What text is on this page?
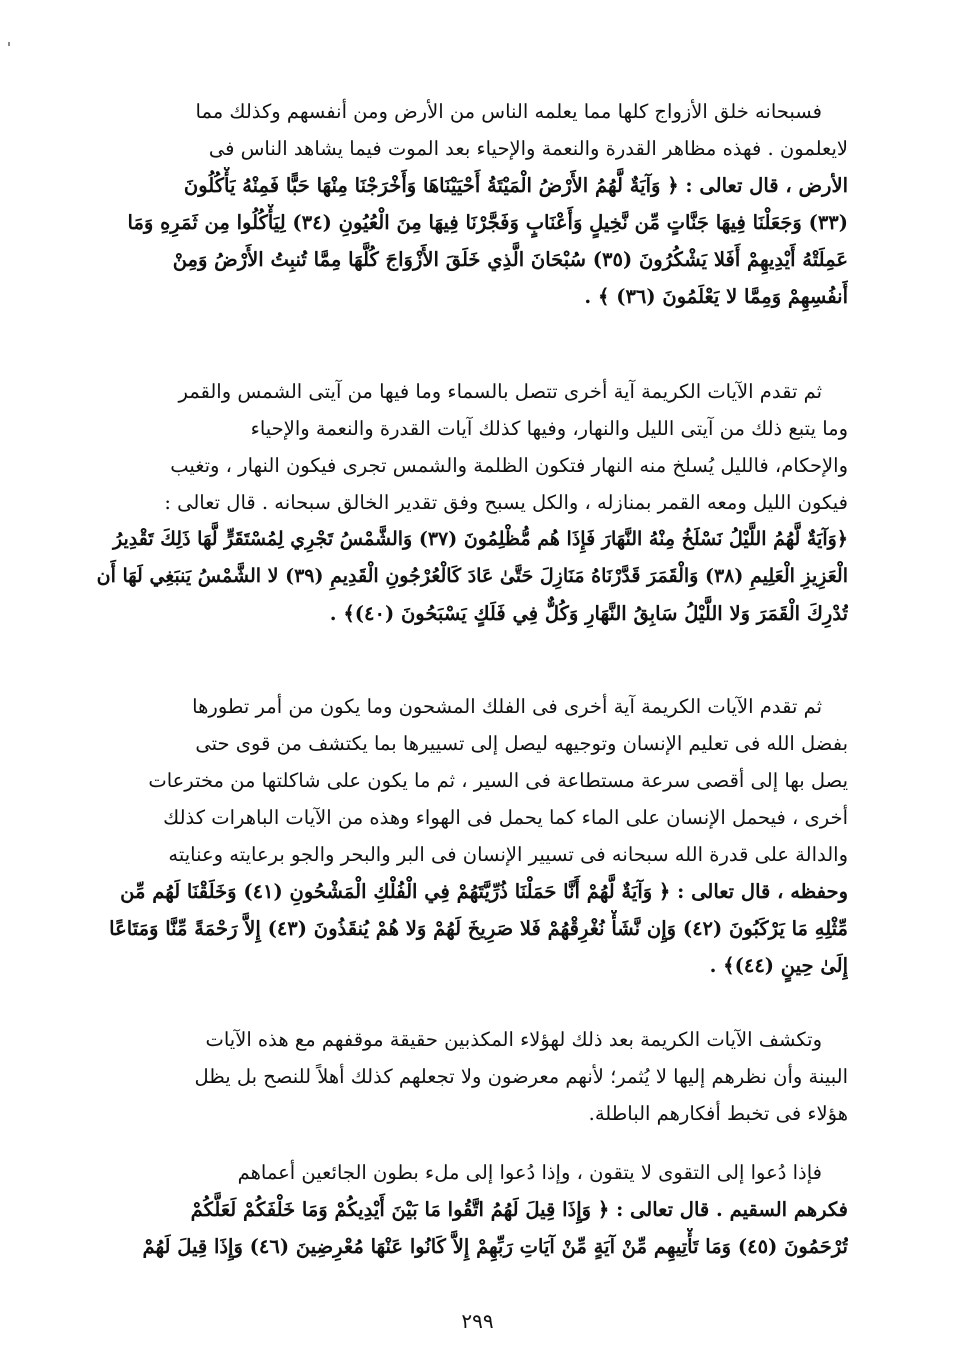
فسبحانه خلق الأزواج كلها مما يعلمه الناس من الأرض ومن أنفسهم وكذلك مما
لايعلمون . فهذه مظاهر القدرة والنعمة والإحياء بعد الموت فيما يشاهد الناس فى
الأرض ، قال تعالى : ﴿ وَآيَةٌ لَّهُمُ الأَرْضُ الْمَيْتَةُ أَحْيَيْنَاهَا وَأَخْرَجْنَا مِنْهَا حَبًّا فَمِنْهُ يَأْكُلُونَ
(٣٣) وَجَعَلْنَا فِيهَا جَنَّاتٍ مِّن نَّخِيلٍ وَأَعْنَابٍ وَفَجَّرْنَا فِيهَا مِنَ الْعُيُونِ (٣٤) لِيَأْكُلُوا مِن ثَمَرِهِ وَمَا
عَمِلَتْهُ أَيْدِيهِمْ أَفَلا يَشْكُرُونَ (٣٥) سُبْحَانَ الَّذِي خَلَقَ الأَزْوَاجَ كُلَّهَا مِمَّا تُنبِتُ الأَرْضُ وَمِنْ
أَنفُسِهِمْ وَمِمَّا لا يَعْلَمُونَ (٣٦) ﴾ .
ثم تقدم الآيات الكريمة آية أخرى تتصل بالسماء وما فيها من آيتى الشمس والقمر
وما يتبع ذلك من آيتى الليل والنهار، وفيها كذلك آيات القدرة والنعمة والإحياء
والإحكام، فالليل يُسلخ منه النهار فتكون الظلمة والشمس تجرى فيكون النهار ، وتغيب
فيكون الليل ومعه القمر بمنازله ، والكل يسبح وفق تقدير الخالق سبحانه . قال تعالى :
﴿وَآيَةٌ لَّهُمُ اللَّيْلُ نَسْلَخُ مِنْهُ النَّهَارَ فَإِذَا هُم مُّظْلِمُونَ (٣٧) وَالشَّمْسُ تَجْرِي لِمُسْتَقَرٍّ لَّهَا ذَلِكَ تَقْدِيرُ
الْعَزِيزِ الْعَلِيمِ (٣٨) وَالْقَمَرَ قَدَّرْنَاهُ مَنَازِلَ حَتَّىٰ عَادَ كَالْعُرْجُونِ الْقَدِيمِ (٣٩) لا الشَّمْسُ يَنبَغِي لَهَا أَن
تُدْرِكَ الْقَمَرَ وَلا اللَّيْلُ سَابِقُ النَّهَارِ وَكُلٌّ فِي فَلَكٍ يَسْبَحُونَ (٤٠)﴾ .
ثم تقدم الآيات الكريمة آية أخرى فى الفلك المشحون وما يكون من أمر تطورها
بفضل الله فى تعليم الإنسان وتوجيهه ليصل إلى تسييرها بما يكتشف من قوى حتى
يصل بها إلى أقصى سرعة مستطاعة فى السير ، ثم ما يكون على شاكلتها من مخترعات
أخرى ، فيحمل الإنسان على الماء كما يحمل فى الهواء وهذه من الآيات الباهرات كذلك
والدالة على قدرة الله سبحانه فى تسيير الإنسان فى البر والبحر والجو برعايته وعنايته
وحفظه ، قال تعالى : ﴿ وَآيَةٌ لَّهُمْ أَنَّا حَمَلْنَا ذُرِّيَّتَهُمْ فِي الْفُلْكِ الْمَشْحُونِ (٤١) وَخَلَقْنَا لَهُم مِّن
مِّثْلِهِ مَا يَرْكَبُونَ (٤٢) وَإِن نَّشَأْ نُغْرِقْهُمْ فَلا صَرِيخَ لَهُمْ وَلا هُمْ يُنقَذُونَ (٤٣) إِلاَّ رَحْمَةً مِّنَّا وَمَتَاعًا
إِلَىٰ حِينٍ (٤٤)﴾ .
وتكشف الآيات الكريمة بعد ذلك لهؤلاء المكذبين حقيقة موقفهم مع هذه الآيات
البينة وأن نظرهم إليها لا يُثمر؛ لأنهم معرضون ولا تجعلهم كذلك أهلاً للنصح بل يظل
هؤلاء فى تخبط أفكارهم الباطلة.
فإذا دُعوا إلى التقوى لا يتقون ، وإذا دُعوا إلى ملء بطون الجائعين أعماهم
فكرهم السقيم . قال تعالى : ﴿ وَإِذَا قِيلَ لَهُمُ اتَّقُوا مَا بَيْنَ أَيْدِيكُمْ وَمَا خَلْفَكُمْ لَعَلَّكُمْ
تُرْحَمُونَ (٤٥) وَمَا تَأْتِيهِم مِّنْ آيَةٍ مِّنْ آيَاتِ رَبِّهِمْ إِلاَّ كَانُوا عَنْهَا مُعْرِضِينَ (٤٦) وَإِذَا قِيلَ لَهُمْ
٢٩٩
